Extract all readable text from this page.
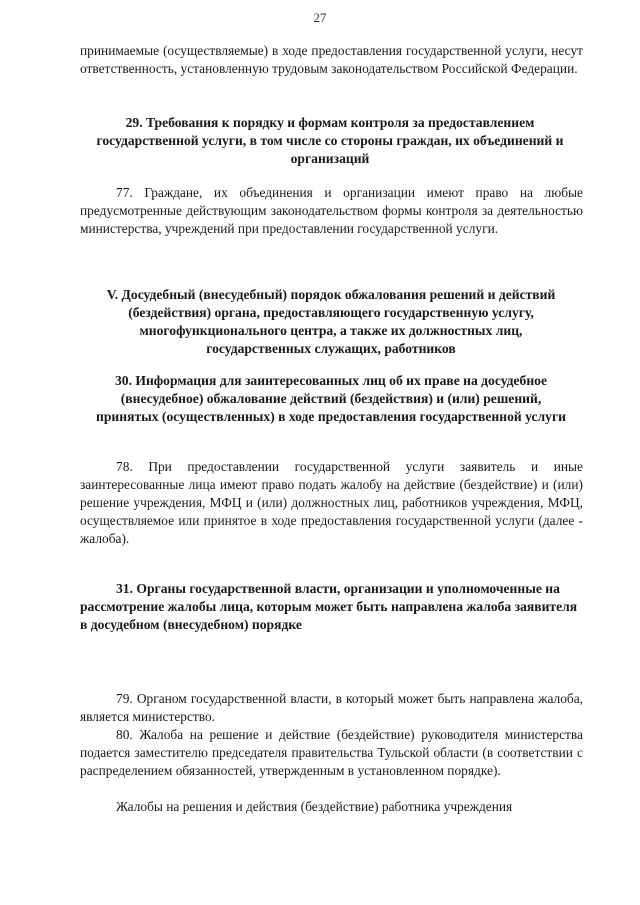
27

принимаемые (осуществляемые) в ходе предоставления государственной услуги, несут ответственность, установленную трудовым законодательством Российской Федерации.

29. Требования к порядку и формам контроля за предоставлением государственной услуги, в том числе со стороны граждан, их объединений и организаций

77. Граждане, их объединения и организации имеют право на любые предусмотренные действующим законодательством формы контроля за деятельностью министерства, учреждений при предоставлении государственной услуги.

V. Досудебный (внесудебный) порядок обжалования решений и действий (бездействия) органа, предоставляющего государственную услугу, многофункционального центра, а также их должностных лиц, государственных служащих, работников

30. Информация для заинтересованных лиц об их праве на досудебное (внесудебное) обжалование действий (бездействия) и (или) решений, принятых (осуществленных) в ходе предоставления государственной услуги

78. При предоставлении государственной услуги заявитель и иные заинтересованные лица имеют право подать жалобу на действие (бездействие) и (или) решение учреждения, МФЦ и (или) должностных лиц, работников учреждения, МФЦ, осуществляемое или принятое в ходе предоставления государственной услуги (далее - жалоба).

31. Органы государственной власти, организации и уполномоченные на рассмотрение жалобы лица, которым может быть направлена жалоба заявителя в досудебном (внесудебном) порядке

79. Органом государственной власти, в который может быть направлена жалоба, является министерство.

80. Жалоба на решение и действие (бездействие) руководителя министерства подается заместителю председателя правительства Тульской области (в соответствии с распределением обязанностей, утвержденным в установленном порядке).

Жалобы на решения и действия (бездействие) работника учреждения
